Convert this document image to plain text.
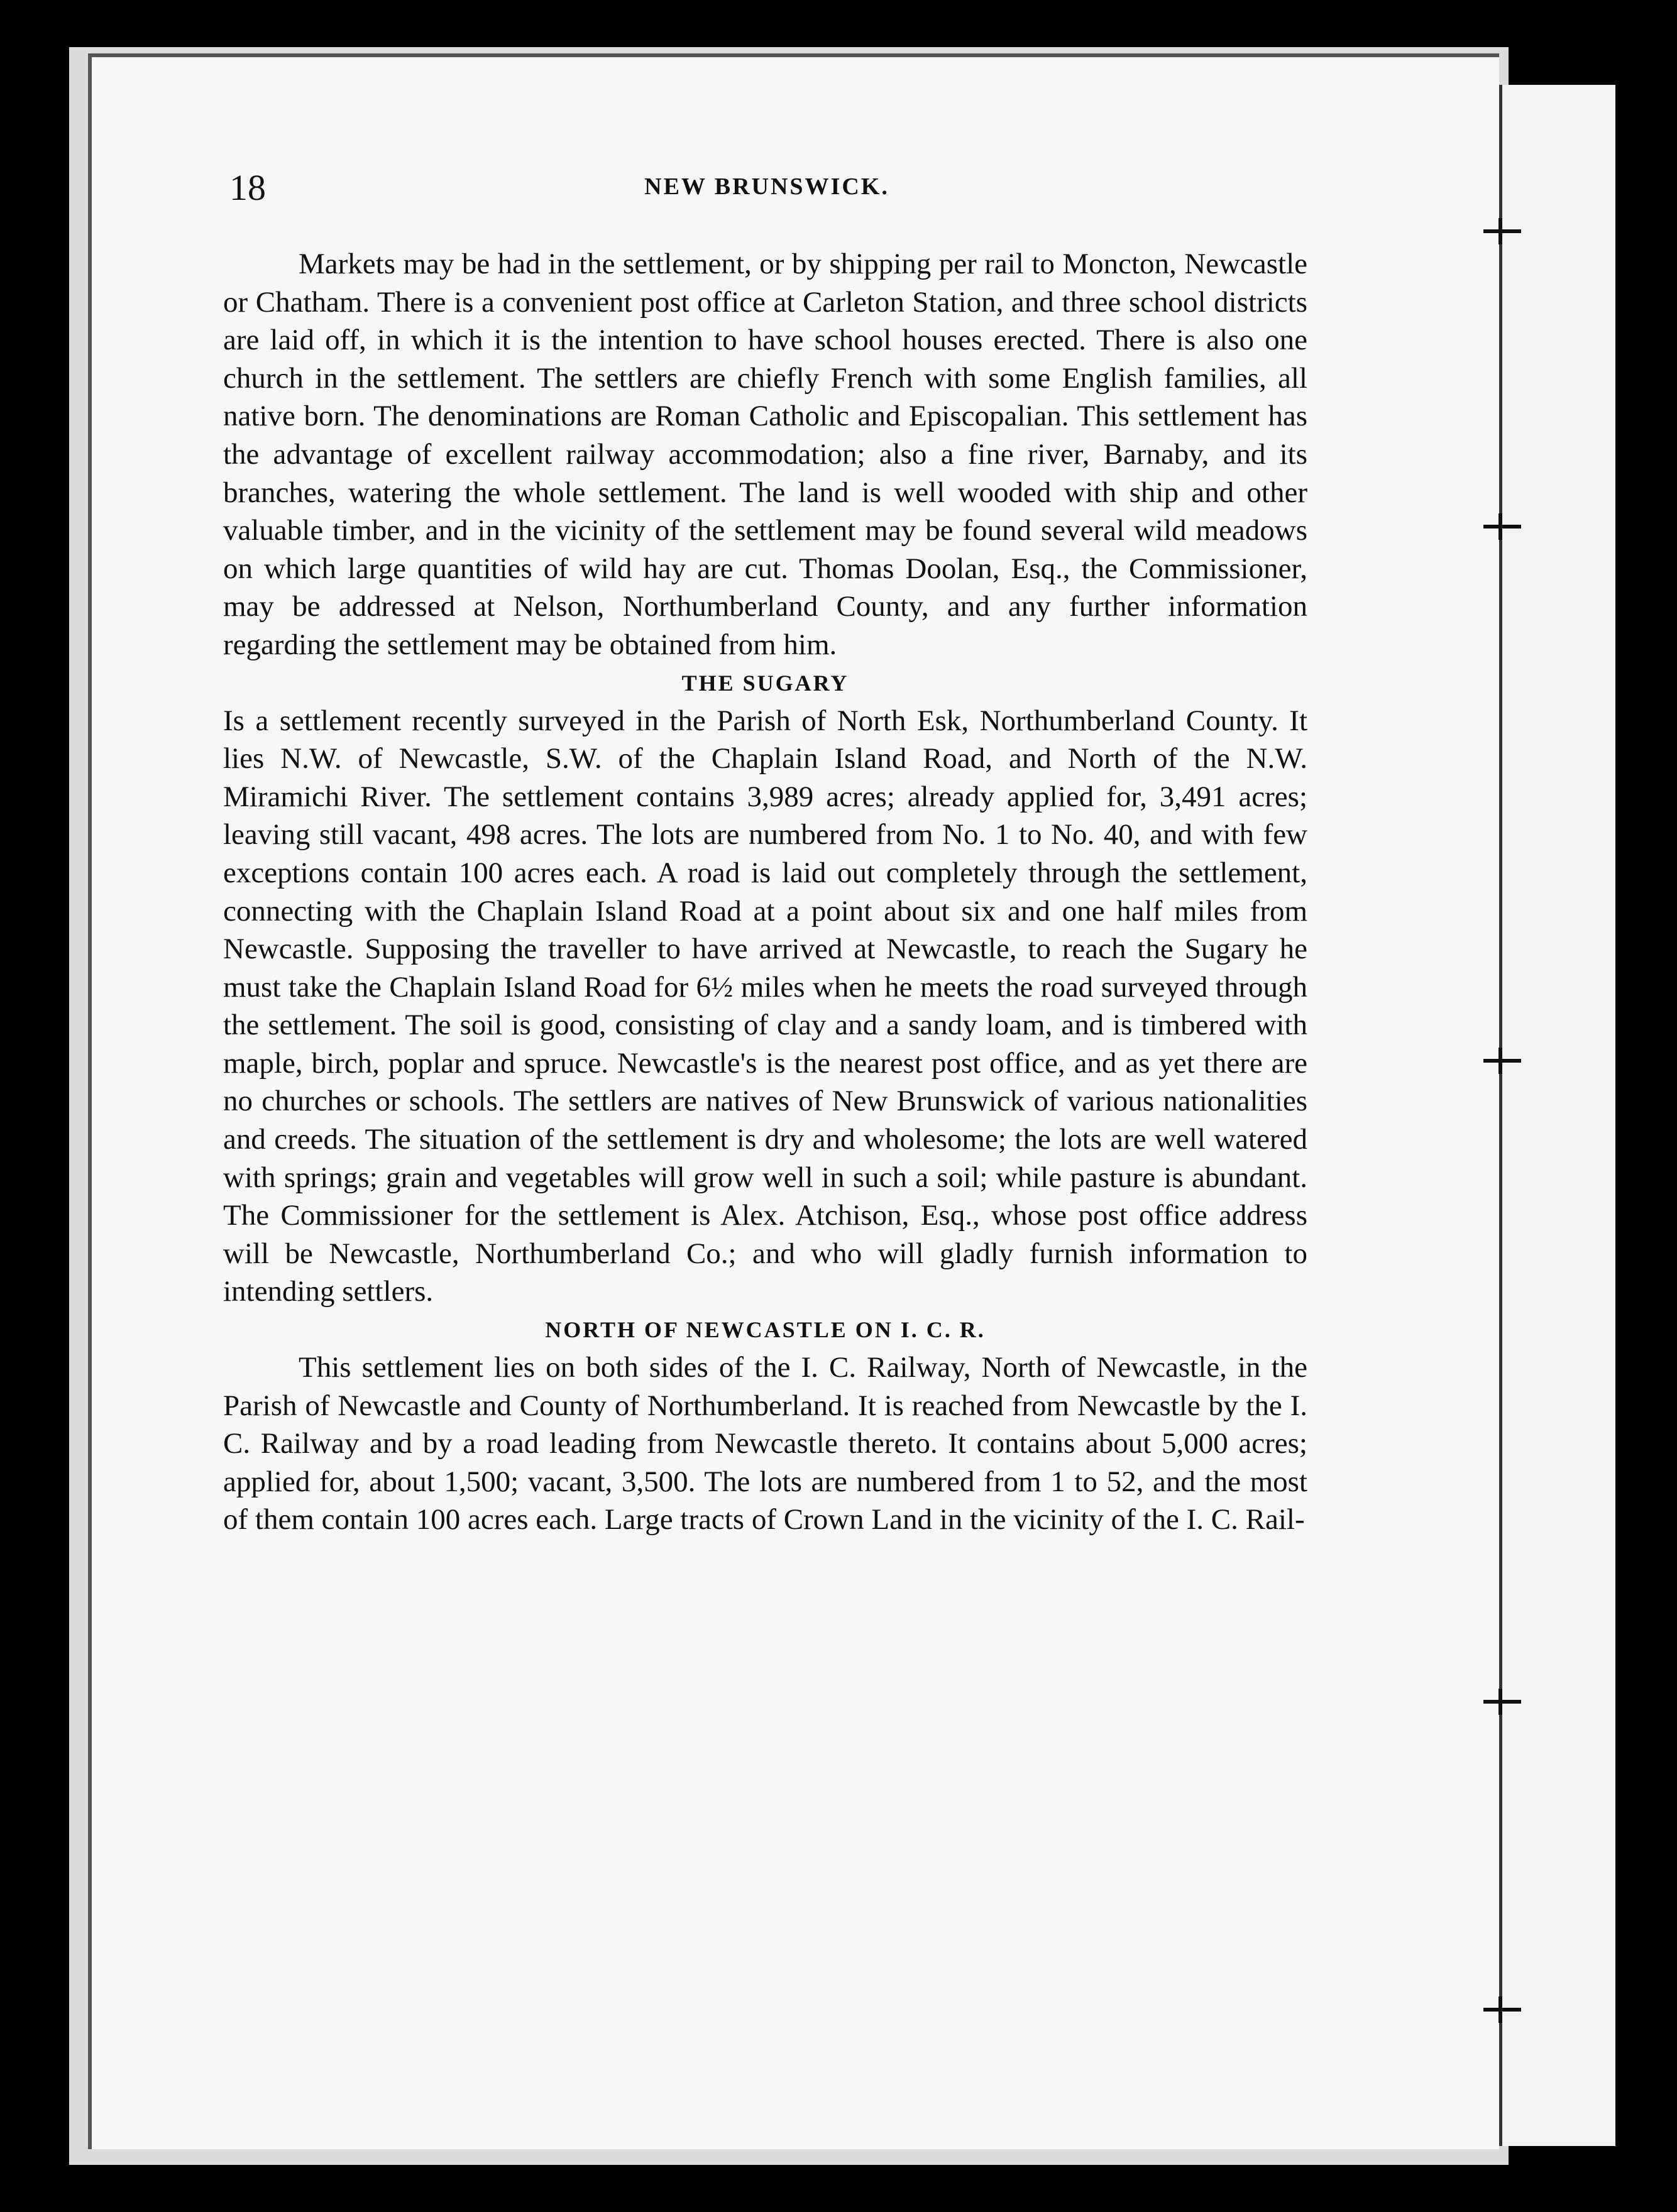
18	NEW BRUNSWICK.

Markets may be had in the settlement, or by shipping per rail to Moncton, Newcastle or Chatham. There is a convenient post office at Carleton Station, and three school districts are laid off, in which it is the intention to have school houses erected. There is also one church in the settlement. The settlers are chiefly French with some English families, all native born. The denominations are Roman Catholic and Episcopalian. This settlement has the advantage of excellent railway accommodation; also a fine river, Barnaby, and its branches, watering the whole settlement. The land is well wooded with ship and other valuable timber, and in the vicinity of the settlement may be found several wild meadows on which large quantities of wild hay are cut. Thomas Doolan, Esq., the Commissioner, may be addressed at Nelson, Northumberland County, and any further information regarding the settlement may be obtained from him.

THE SUGARY

Is a settlement recently surveyed in the Parish of North Esk, Northumberland County. It lies N.W. of Newcastle, S.W. of the Chaplain Island Road, and North of the N.W. Miramichi River. The settlement contains 3,989 acres; already applied for, 3,491 acres; leaving still vacant, 498 acres. The lots are numbered from No. 1 to No. 40, and with few exceptions contain 100 acres each. A road is laid out completely through the settlement, connecting with the Chaplain Island Road at a point about six and one half miles from Newcastle. Supposing the traveller to have arrived at Newcastle, to reach the Sugary he must take the Chaplain Island Road for 6½ miles when he meets the road surveyed through the settlement. The soil is good, consisting of clay and a sandy loam, and is timbered with maple, birch, poplar and spruce. Newcastle's is the nearest post office, and as yet there are no churches or schools. The settlers are natives of New Brunswick of various nationalities and creeds. The situation of the settlement is dry and wholesome; the lots are well watered with springs; grain and vegetables will grow well in such a soil; while pasture is abundant. The Commissioner for the settlement is Alex. Atchison, Esq., whose post office address will be Newcastle, Northumberland Co.; and who will gladly furnish information to intending settlers.

NORTH OF NEWCASTLE ON I. C. R.

This settlement lies on both sides of the I. C. Railway, North of Newcastle, in the Parish of Newcastle and County of Northumberland. It is reached from Newcastle by the I. C. Railway and by a road leading from Newcastle thereto. It contains about 5,000 acres; applied for, about 1,500; vacant, 3,500. The lots are numbered from 1 to 52, and the most of them contain 100 acres each. Large tracts of Crown Land in the vicinity of the I. C. Rail-
